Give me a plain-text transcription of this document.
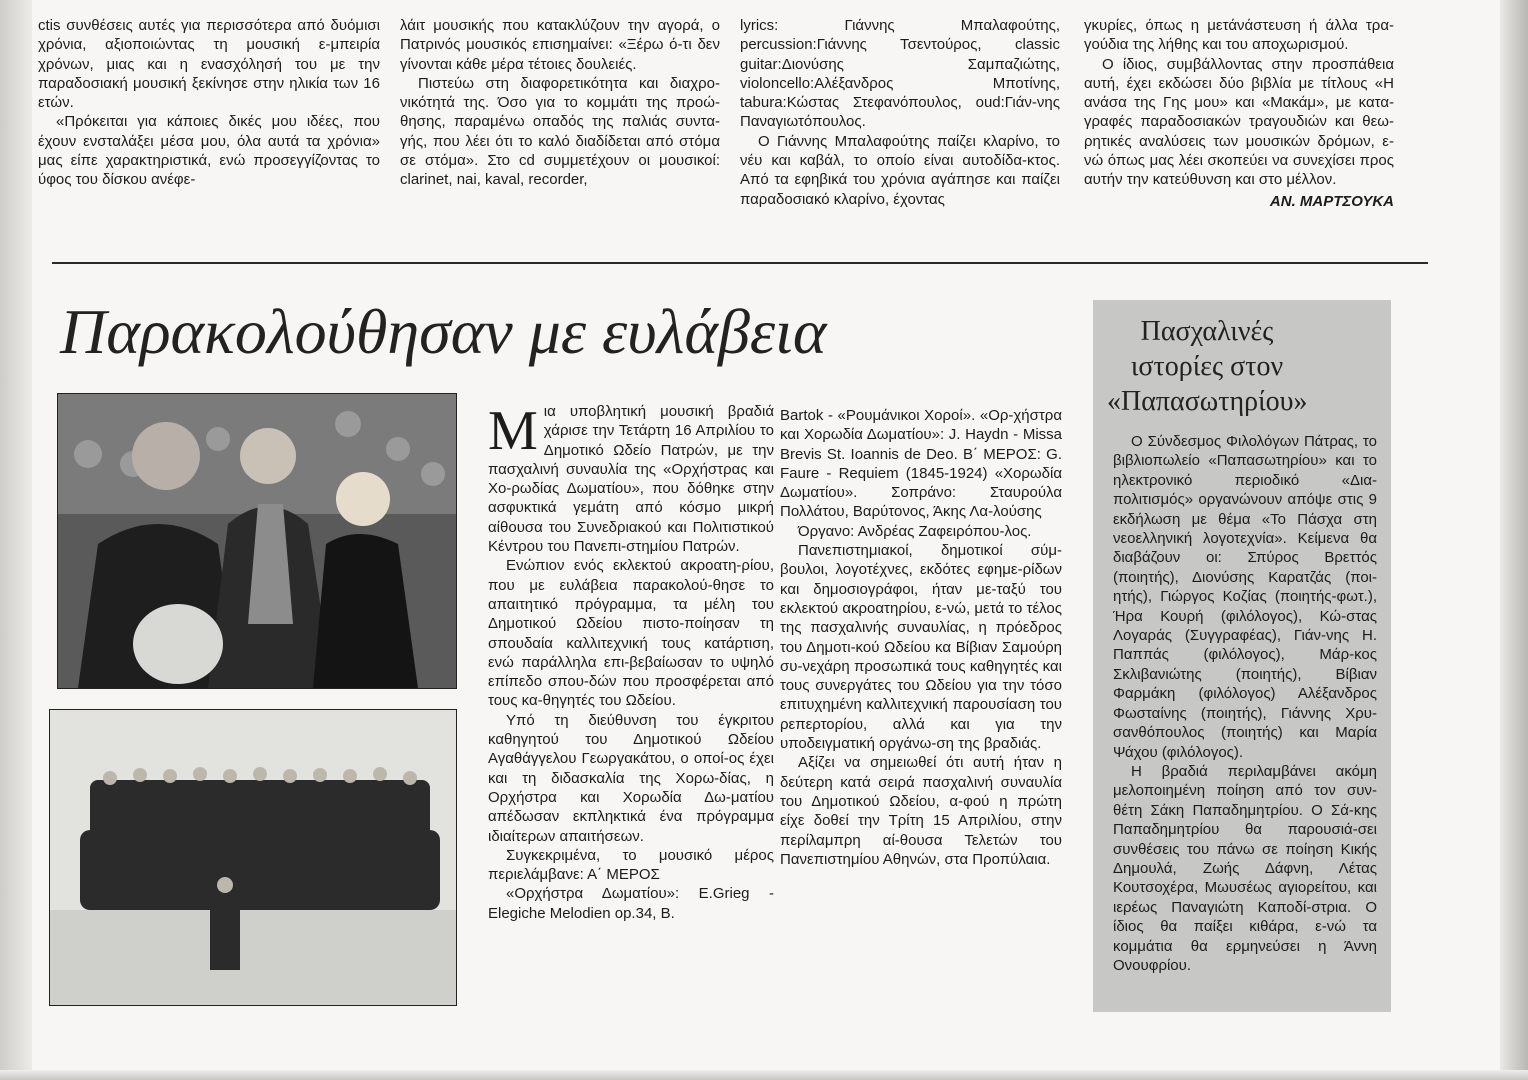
ctis συνθέσεις αυτές για περισσότερα από δυόμισι χρόνια, αξιοποιώντας τη μουσική ε-μπειρία χρόνων, μιας και η ενασχόλησή του με την παραδοσιακή μουσική ξεκίνησε στην ηλικία των 16 ετών.

«Πρόκειται για κάποιες δικές μου ιδέες, που έχουν ενσταλάξει μέσα μου, όλα αυτά τα χρόνια» μας είπε χαρακτηριστικά, ενώ προσεγγίζοντας το ύφος του δίσκου ανέφε-

λάιτ μουσικής που κατακλύζουν την αγορά, ο Πατρινός μουσικός επισημαίνει: «Ξέρω ό-τι δεν γίνονται κάθε μέρα τέτοιες δουλειές.

Πιστεύω στη διαφορετικότητα και διαχρο-νικότητά της. Όσο για το κομμάτι της προώ-θησης, παραμένω οπαδός της παλιάς συντα-γής, που λέει ότι το καλό διαδίδεται από στόμα σε στόμα». Στο cd συμμετέχουν οι μουσικοί: clarinet, nai, kaval, recorder,

lyrics: Γιάννης Μπαλαφούτης, percussion:Γιάννης Τσεντούρος, classic guitar:Διονύσης Σαμπαζιώτης, violoncello:Αλέξανδρος Μποτίνης, tabura:Κώστας Στεφανόπουλος, oud:Γιάν-νης Παναγιωτόπουλος.

Ο Γιάννης Μπαλαφούτης παίζει κλαρίνο, το νέυ και καβάλ, το οποίο είναι αυτοδίδα-κτος. Από τα εφηβικά του χρόνια αγάπησε και παίζει παραδοσιακό κλαρίνο, έχοντας

γκυρίες, όπως η μετάνάστευση ή άλλα τρα-γούδια της λήθης και του αποχωρισμού.

Ο ίδιος, συμβάλλοντας στην προσπάθεια αυτή, έχει εκδώσει δύο βιβλία με τίτλους «Η ανάσα της Γης μου» και «Μακάμ», με κατα-γραφές παραδοσιακών τραγουδιών και θεω-ρητικές αναλύσεις των μουσικών δρόμων, ε-νώ όπως μας λέει σκοπεύει να συνεχίσει προς αυτήν την κατεύθυνση και στο μέλλον.

ΑΝ. ΜΑΡΤΣΟΥΚΑ
Παρακολούθησαν με ευλάβεια

Μια υποβλητική μουσική βραδιά χάρισε την Τετάρτη 16 Απριλίου το Δημοτικό Ωδείο Πατρών, με την πασχαλινή συναυλία της «Ορχήστρας και Χο-ρωδίας Δωματίου», που δόθηκε στην ασφυκτικά γεμάτη από κόσμο μικρή αίθουσα του Συνεδριακού και Πολιτιστικού Κέντρου του Πανεπι-στημίου Πατρών.

Ενώπιον ενός εκλεκτού ακροατη-ρίου, που με ευλάβεια παρακολού-θησε το απαιτητικό πρόγραμμα, τα μέλη του Δημοτικού Ωδείου πιστο-ποίησαν τη σπουδαία καλλιτεχνική τους κατάρτιση, ενώ παράλληλα επι-βεβαίωσαν το υψηλό επίπεδο σπου-δών που προσφέρεται από τους κα-θηγητές του Ωδείου.

Υπό τη διεύθυνση του έγκριτου καθηγητού του Δημοτικού Ωδείου Αγαθάγγελου Γεωργακάτου, ο οποί-ος έχει και τη διδασκαλία της Χορω-δίας, η Ορχήστρα και Χορωδία Δω-ματίου απέδωσαν εκπληκτικά ένα πρόγραμμα ιδιαίτερων απαιτήσεων.

Συγκεκριμένα, το μουσικό μέρος περιελάμβανε: Α΄ ΜΕΡΟΣ

«Ορχήστρα Δωματίου»: E.Grieg - Elegiche Melodien op.34, B.

Bartok - «Ρουμάνικοι Χοροί». «Ορ-χήστρα και Χορωδία Δωματίου»: J. Haydn - Missa Brevis St. Ioannis de Deo. Β΄ ΜΕΡΟΣ: G. Faure - Requiem (1845-1924) «Χορωδία Δωματίου». Σοπράνο: Σταυρούλα Πολλάτου, Βαρύτονος, Άκης Λα-λούσης

Όργανο: Ανδρέας Ζαφειρόπου-λος.

Πανεπιστημιακοί, δημοτικοί σύμ-βουλοι, λογοτέχνες, εκδότες εφημε-ρίδων και δημοσιογράφοι, ήταν με-ταξύ του εκλεκτού ακροατηρίου, ε-νώ, μετά το τέλος της πασχαλινής συναυλίας, η πρόεδρος του Δημοτι-κού Ωδείου κα Βίβιαν Σαμούρη συ-νεχάρη προσωπικά τους καθηγητές και τους συνεργάτες του Ωδείου για την τόσο επιτυχημένη καλλιτεχνική παρουσίαση του ρεπερτορίου, αλλά και για την υποδειγματική οργάνω-ση της βραδιάς.

Αξίζει να σημειωθεί ότι αυτή ήταν η δεύτερη κατά σειρά πασχαλινή συναυλία του Δημοτικού Ωδείου, α-φού η πρώτη είχε δοθεί την Τρίτη 15 Απριλίου, στην περίλαμπρη αί-θουσα Τελετών του Πανεπιστημίου Αθηνών, στα Προπύλαια.

Πασχαλινές
ιστορίες στον
«Παπασωτηρίου»

Ο Σύνδεσμος Φιλολόγων Πάτρας, το βιβλιοπωλείο «Παπασωτηρίου» και το ηλεκτρονικό περιοδικό «Δια-πολιτισμός» οργανώνουν απόψε στις 9 εκδήλωση με θέμα «Το Πάσχα στη νεοελληνική λογοτεχνία». Κείμενα θα διαβάζουν οι: Σπύρος Βρεττός (ποιητής), Διονύσης Καρατζάς (ποι-ητής), Γιώργος Κοζίας (ποιητής-φωτ.), Ήρα Κουρή (φιλόλογος), Κώ-στας Λογαράς (Συγγραφέας), Γιάν-νης Η. Παππάς (φιλόλογος), Μάρ-κος Σκλιβανιώτης (ποιητής), Βίβιαν Φαρμάκη (φιλόλογος) Αλέξανδρος Φωσταίνης (ποιητής), Γιάννης Χρυ-σανθόπουλος (ποιητής) και Μαρία Ψάχου (φιλόλογος).

Η βραδιά περιλαμβάνει ακόμη μελοποιημένη ποίηση από τον συν-θέτη Σάκη Παπαδημητρίου. Ο Σά-κης Παπαδημητρίου θα παρουσιά-σει συνθέσεις του πάνω σε ποίηση Κικής Δημουλά, Ζωής Δάφνη, Λέτας Κουτσοχέρα, Μωυσέως αγιορείτου, και ιερέως Παναγιώτη Καποδί-στρια. Ο ίδιος θα παίξει κιθάρα, ε-νώ τα κομμάτια θα ερμηνεύσει η Άννη Ονουφρίου.
